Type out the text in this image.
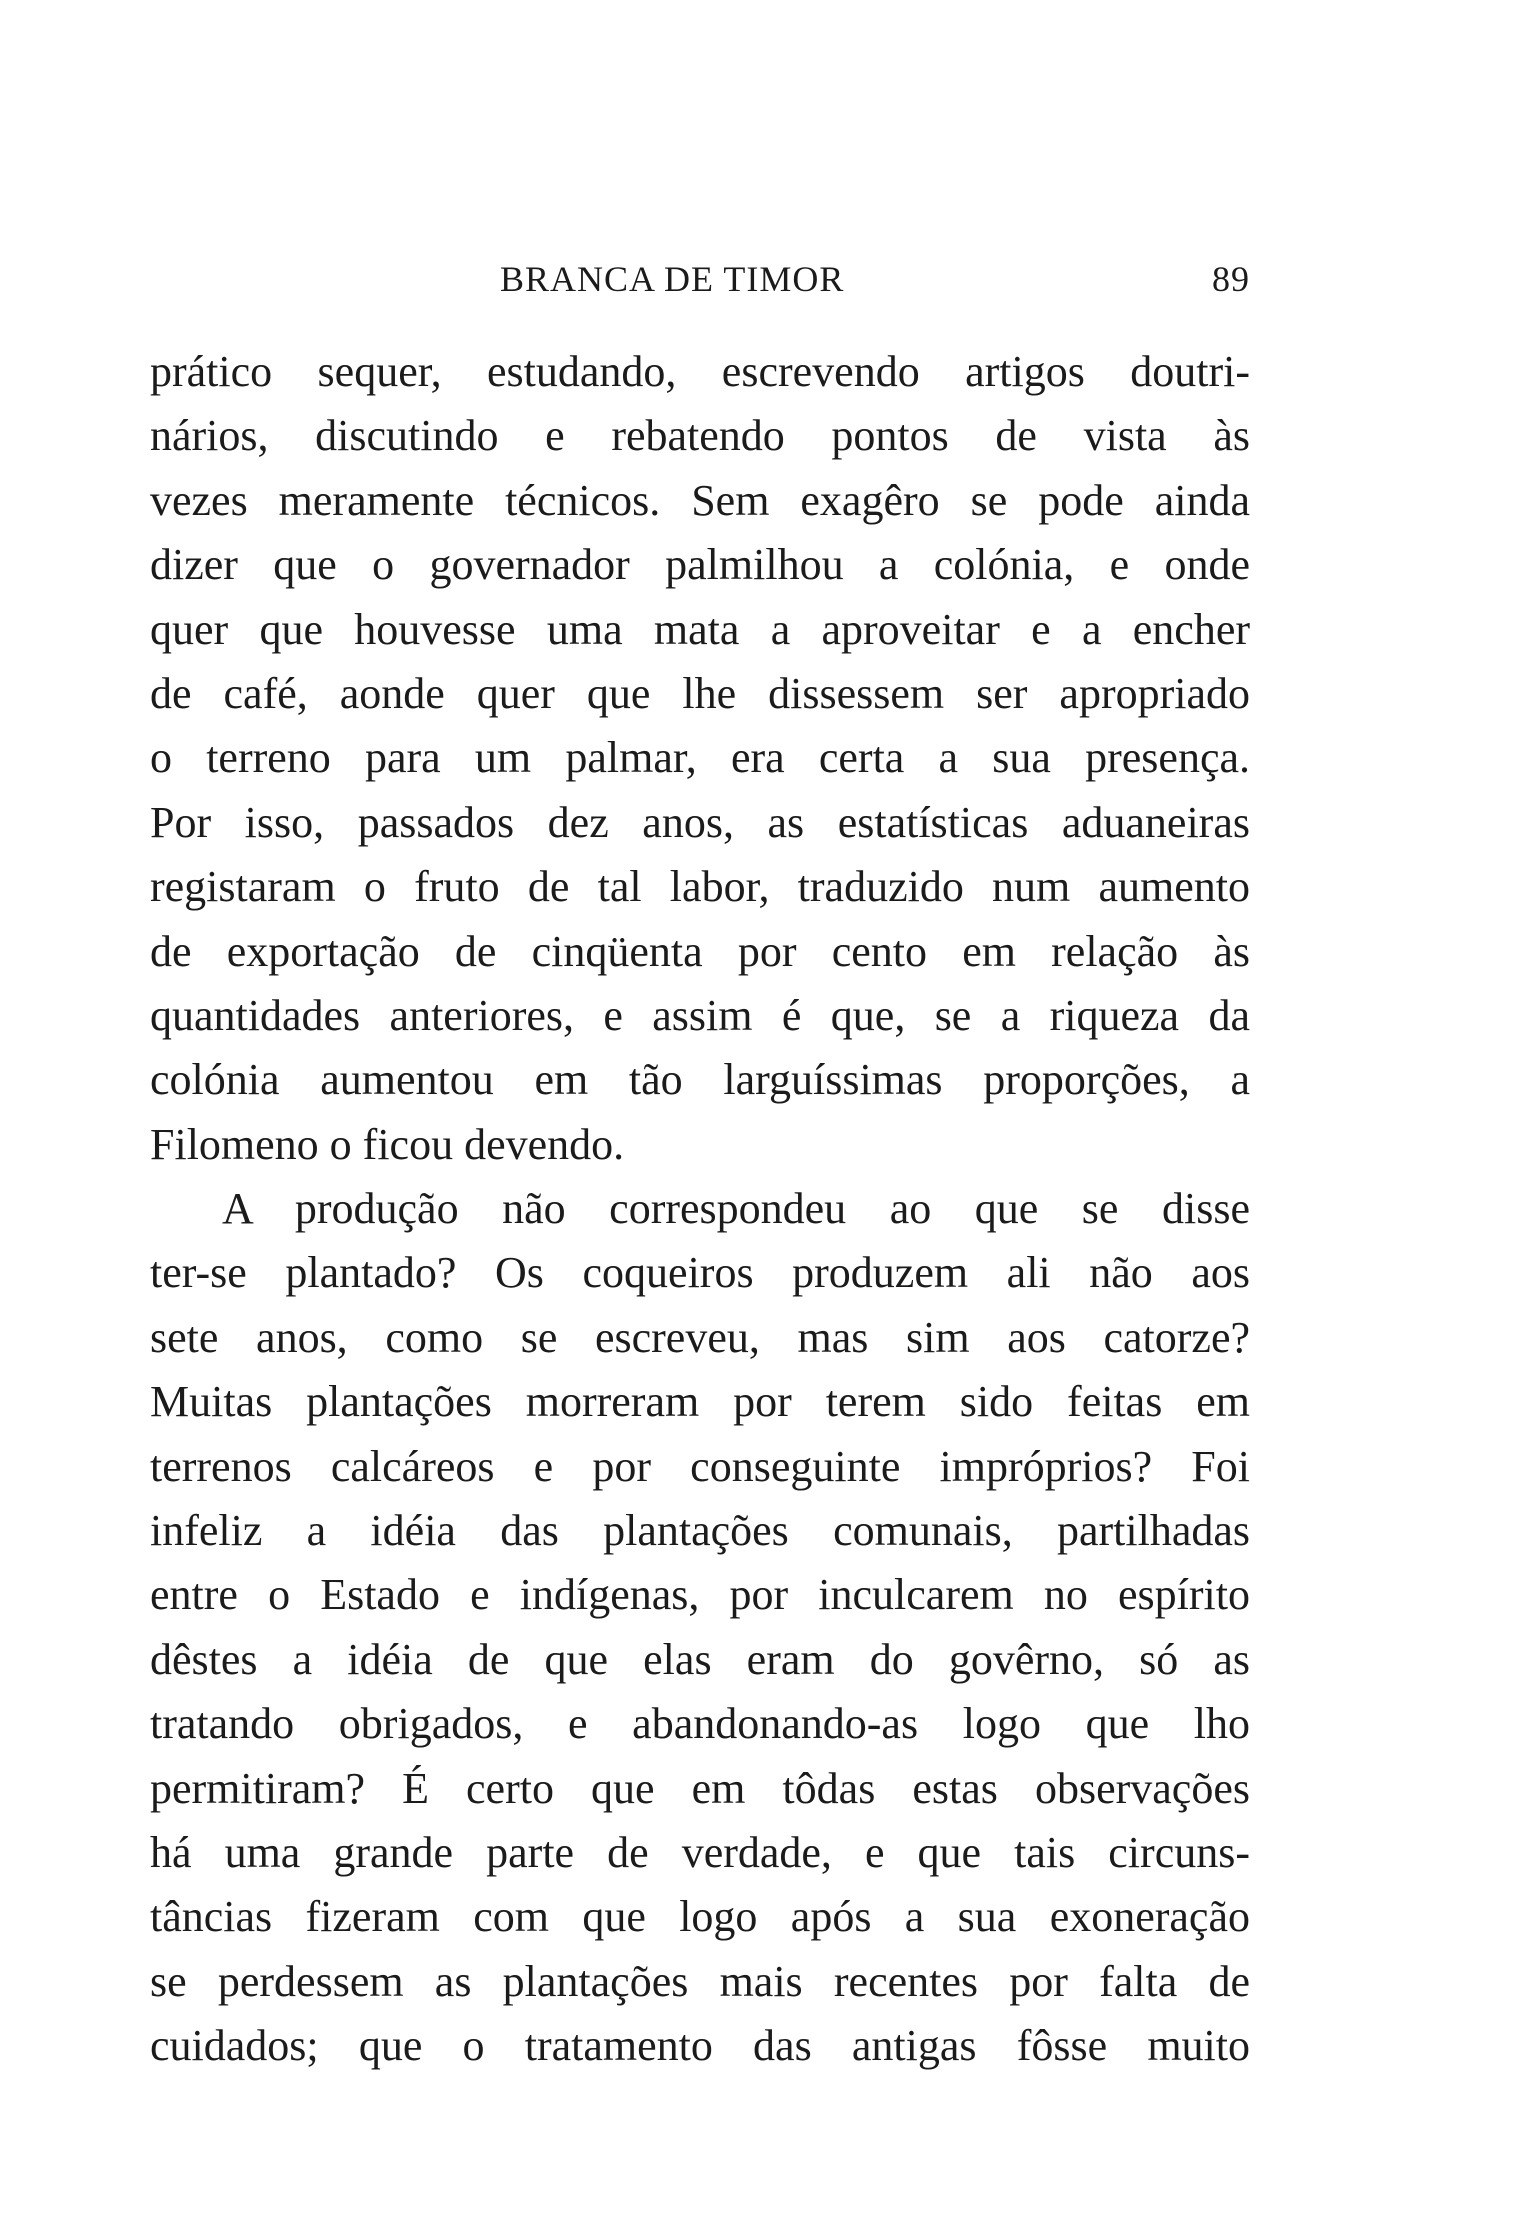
BRANCA DE TIMOR	89
prático sequer, estudando, escrevendo artigos doutri-
nários, discutindo e rebatendo pontos de vista às
vezes meramente técnicos. Sem exagêro se pode ainda
dizer que o governador palmilhou a colónia, e onde
quer que houvesse uma mata a aproveitar e a encher
de café, aonde quer que lhe dissessem ser apropriado
o terreno para um palmar, era certa a sua presença.
Por isso, passados dez anos, as estatísticas aduaneiras
registaram o fruto de tal labor, traduzido num aumento
de exportação de cinqüenta por cento em relação às
quantidades anteriores, e assim é que, se a riqueza da
colónia aumentou em tão larguíssimas proporções, a
Filomeno o ficou devendo.
A produção não correspondeu ao que se disse
ter-se plantado? Os coqueiros produzem ali não aos
sete anos, como se escreveu, mas sim aos catorze?
Muitas plantações morreram por terem sido feitas em
terrenos calcáreos e por conseguinte impróprios? Foi
infeliz a idéia das plantações comunais, partilhadas
entre o Estado e indígenas, por inculcarem no espírito
dêstes a idéia de que elas eram do govêrno, só as
tratando obrigados, e abandonando-as logo que lho
permitiram? É certo que em tôdas estas observações
há uma grande parte de verdade, e que tais circuns-
tâncias fizeram com que logo após a sua exoneração
se perdessem as plantações mais recentes por falta de
cuidados; que o tratamento das antigas fôsse muito
